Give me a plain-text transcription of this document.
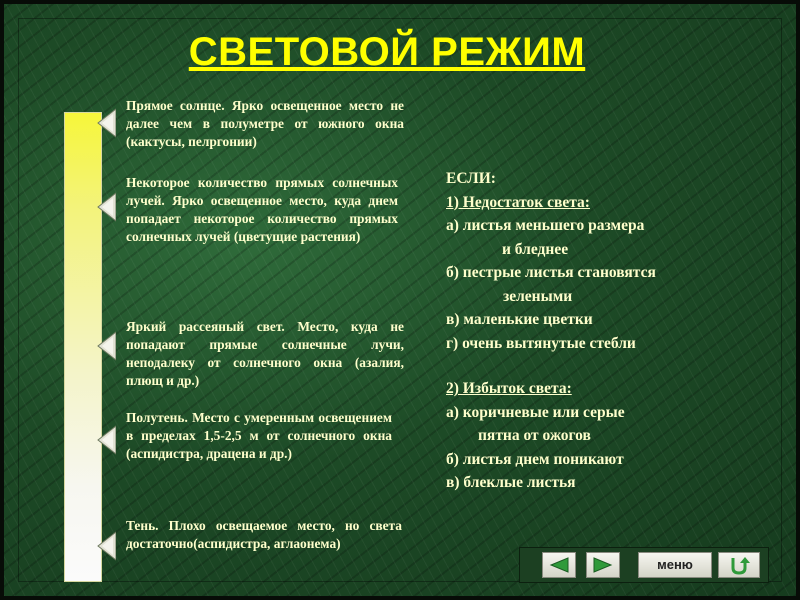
СВЕТОВОЙ РЕЖИМ
Прямое солнце. Ярко освещенное место не далее чем в полуметре от южного окна (кактусы, пелргонии)
Некоторое количество прямых солнечных лучей. Ярко освещенное место, куда днем попадает некоторое количество прямых солнечных лучей (цветущие растения)
Яркий рассеяный свет. Место, куда не попадают прямые солнечные лучи, неподалеку от солнечного окна (азалия, плющ и др.)
Полутень. Место с умеренным освещением в пределах 1,5-2,5 м от солнечного окна (аспидистра, драцена и др.)
Тень. Плохо освещаемое место, но света достаточно(аспидистра, аглаонема)
ЕСЛИ:
1) Недостаток света:
а) листья меньшего размера
и бледнее
б) пестрые листья становятся
зелеными
в) маленькие цветки
г) очень вытянутые стебли
2) Избыток света:
а) коричневые или серые
пятна от ожогов
б) листья днем поникают
в) блеклые листья
меню
